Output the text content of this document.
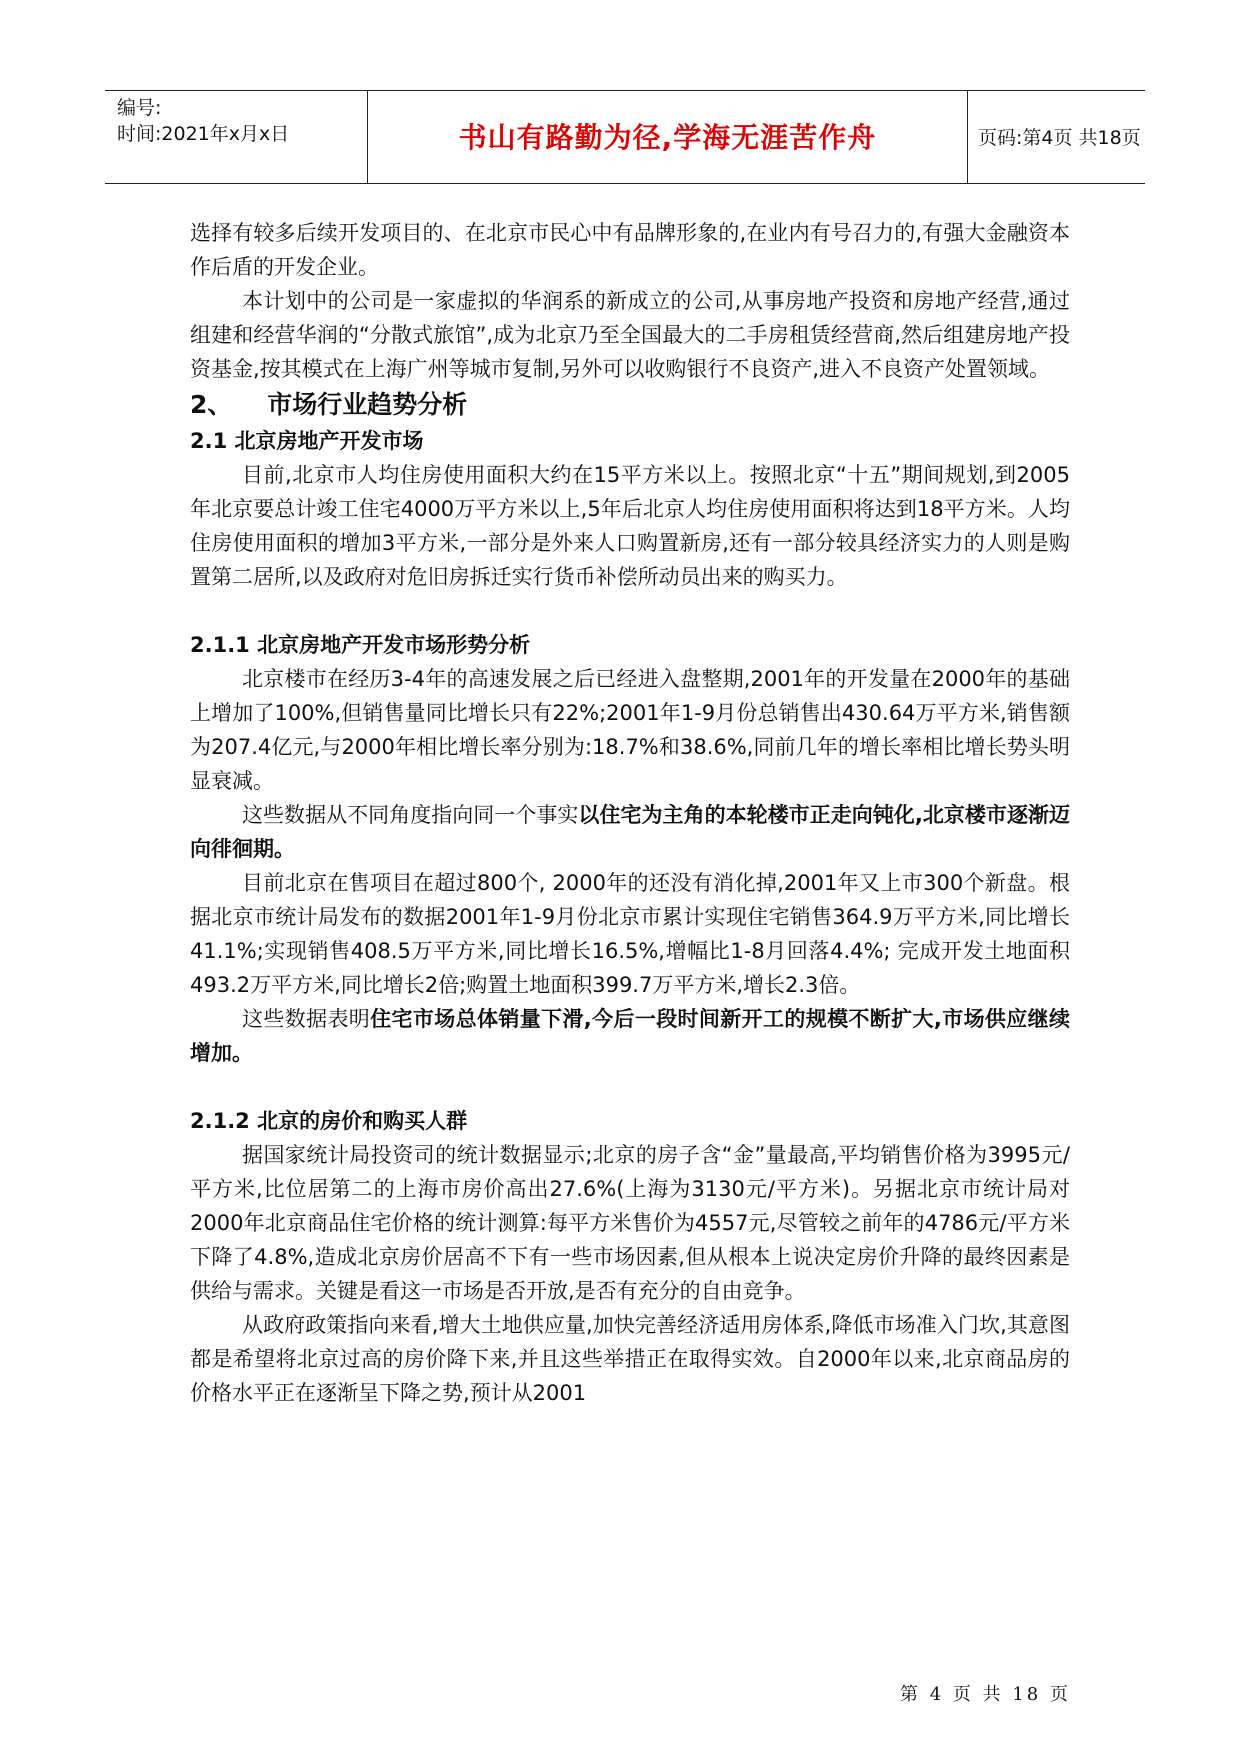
编号:
时间:2021年x月x日	书山有路勤为径,学海无涯苦作舟	页码:第4页 共18页

选择有较多后续开发项目的、在北京市民心中有品牌形象的,在业内有号召力的,有强大金融资本作后盾的开发企业。

本计划中的公司是一家虚拟的华润系的新成立的公司,从事房地产投资和房地产经营,通过组建和经营华润的“分散式旅馆”,成为北京乃至全国最大的二手房租赁经营商,然后组建房地产投资基金,按其模式在上海广州等城市复制,另外可以收购银行不良资产,进入不良资产处置领域。

2、    市场行业趋势分析
2.1 北京房地产开发市场

目前,北京市人均住房使用面积大约在15平方米以上。按照北京“十五”期间规划,到2005年北京要总计竣工住宅4000万平方米以上,5年后北京人均住房使用面积将达到18平方米。人均住房使用面积的增加3平方米,一部分是外来人口购置新房,还有一部分较具经济实力的人则是购置第二居所,以及政府对危旧房拆迁实行货币补偿所动员出来的购买力。

2.1.1 北京房地产开发市场形势分析

北京楼市在经历3-4年的高速发展之后已经进入盘整期,2001年的开发量在2000年的基础上增加了100%,但销售量同比增长只有22%;2001年1-9月份总销售出430.64万平方米,销售额为207.4亿元,与2000年相比增长率分别为:18.7%和38.6%,同前几年的增长率相比增长势头明显衰减。

这些数据从不同角度指向同一个事实以住宅为主角的本轮楼市正走向钝化,北京楼市逐渐迈向徘徊期。

目前北京在售项目在超过800个, 2000年的还没有消化掉,2001年又上市300个新盘。根据北京市统计局发布的数据2001年1-9月份北京市累计实现住宅销售364.9万平方米,同比增长41.1%;实现销售408.5万平方米,同比增长16.5%,增幅比1-8月回落4.4%; 完成开发土地面积493.2万平方米,同比增长2倍;购置土地面积399.7万平方米,增长2.3倍。

这些数据表明住宅市场总体销量下滑,今后一段时间新开工的规模不断扩大,市场供应继续增加。

2.1.2 北京的房价和购买人群

据国家统计局投资司的统计数据显示;北京的房子含“金”量最高,平均销售价格为3995元/平方米,比位居第二的上海市房价高出27.6%(上海为3130元/平方米)。另据北京市统计局对2000年北京商品住宅价格的统计测算:每平方米售价为4557元,尽管较之前年的4786元/平方米下降了4.8%,造成北京房价居高不下有一些市场因素,但从根本上说决定房价升降的最终因素是供给与需求。关键是看这一市场是否开放,是否有充分的自由竞争。

从政府政策指向来看,增大土地供应量,加快完善经济适用房体系,降低市场准入门坎,其意图都是希望将北京过高的房价降下来,并且这些举措正在取得实效。自2000年以来,北京商品房的价格水平正在逐渐呈下降之势,预计从2001

第 4 页 共 18 页
